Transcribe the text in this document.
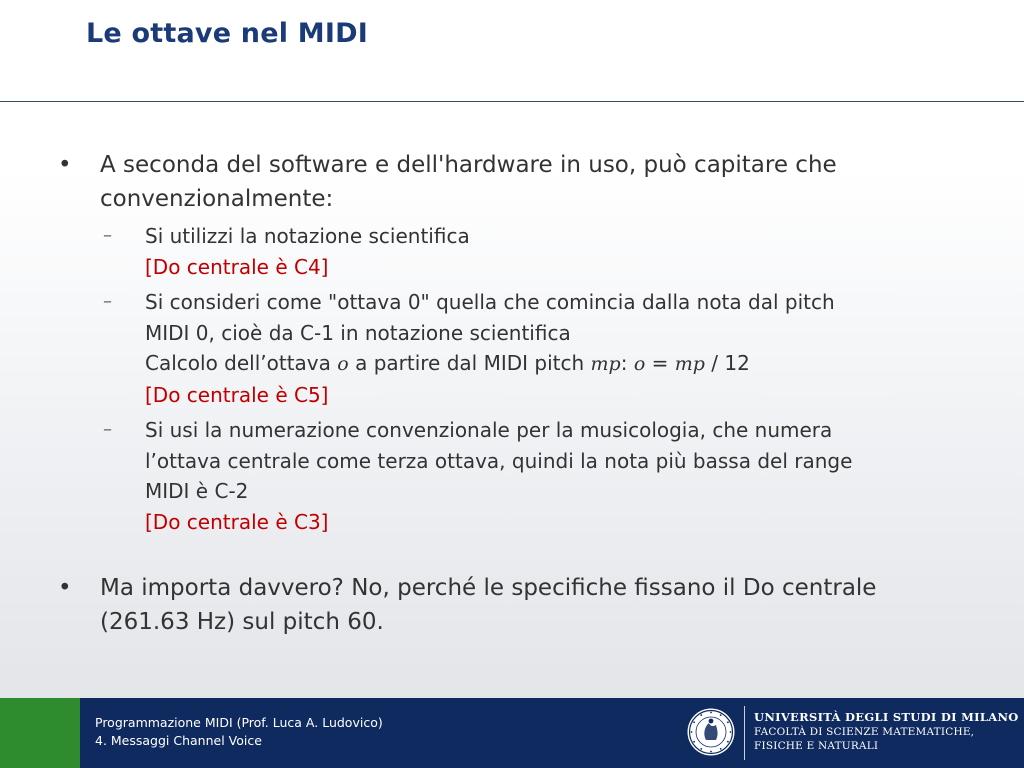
Le ottave nel MIDI
• A seconda del software e dell'hardware in uso, può capitare che
convenzionalmente:
– Si utilizzi la notazione scientifica
[Do centrale è C4]
– Si consideri come "ottava 0" quella che comincia dalla nota dal pitch
MIDI 0, cioè da C-1 in notazione scientifica
Calcolo dell’ottava o a partire dal MIDI pitch mp: o = mp / 12
[Do centrale è C5]
– Si usi la numerazione convenzionale per la musicologia, che numera
l’ottava centrale come terza ottava, quindi la nota più bassa del range
MIDI è C-2
[Do centrale è C3]
• Ma importa davvero? No, perché le specifiche fissano il Do centrale
(261.63 Hz) sul pitch 60.
Programmazione MIDI (Prof. Luca A. Ludovico)
4. Messaggi Channel Voice
UNIVERSITÀ DEGLI STUDI DI MILANO
FACOLTÀ DI SCIENZE MATEMATICHE,
FISICHE E NATURALI
